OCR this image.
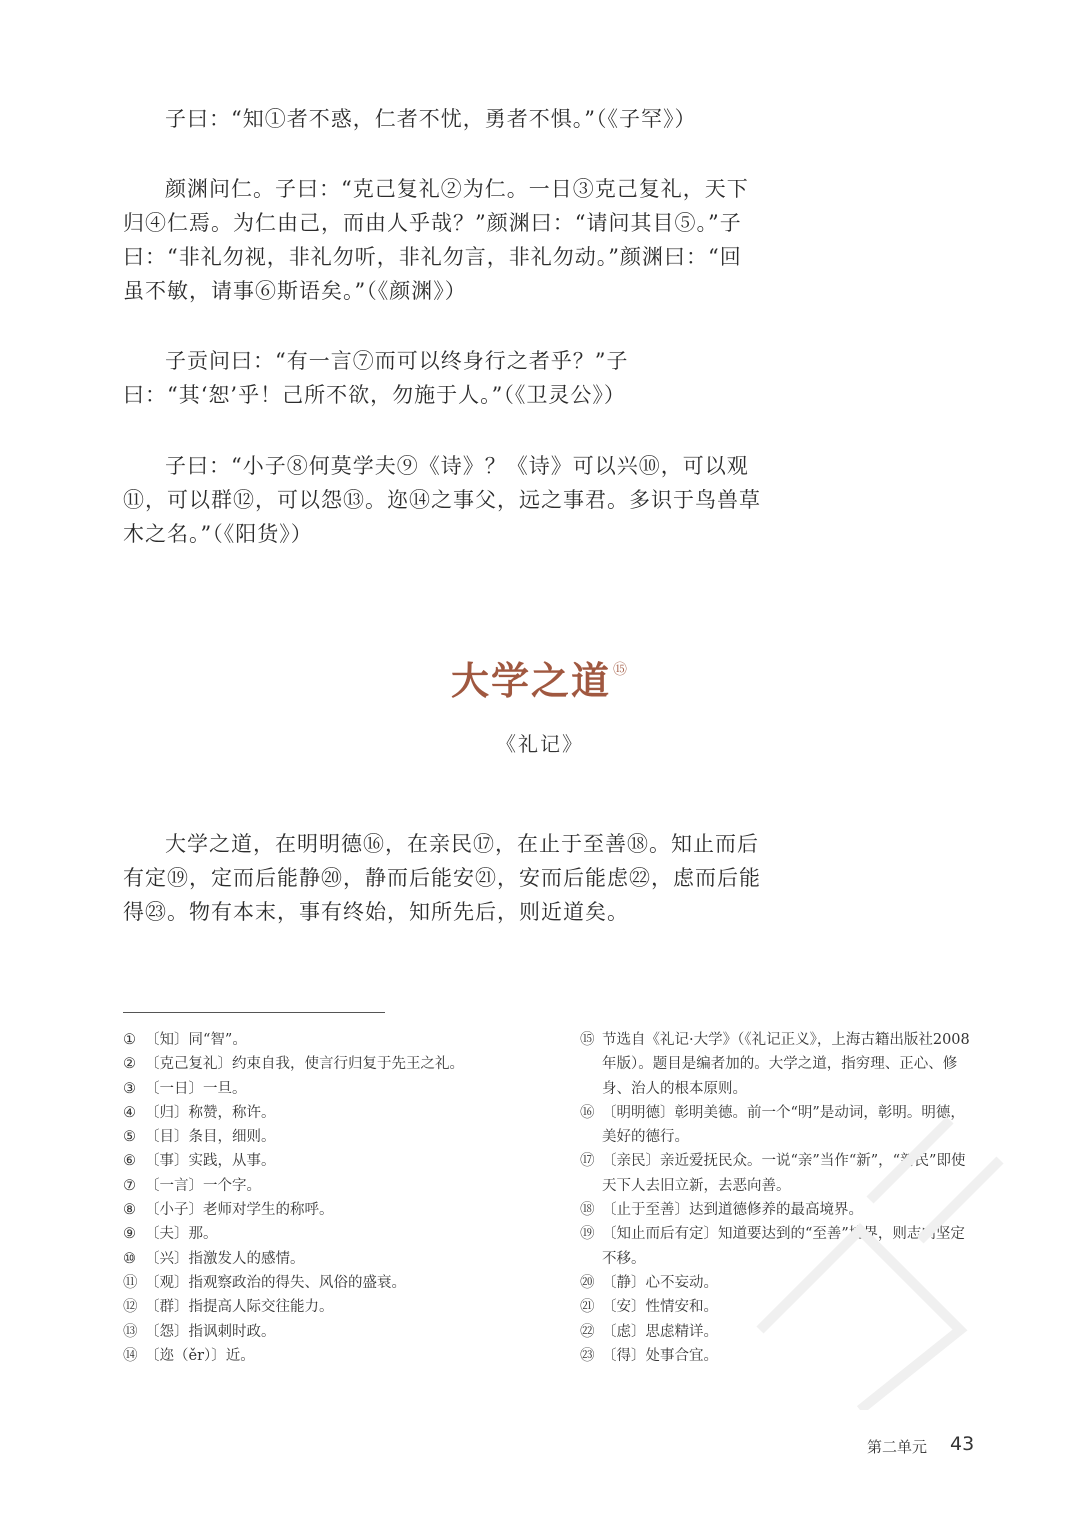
子曰：“知①者不惑，仁者不忧，勇者不惧。”（《子罕》）

颜渊问仁。子曰：“克己复礼②为仁。一日③克己复礼，天下归④仁焉。为仁由己，而由人乎哉？”颜渊曰：“请问其目⑤。”子曰：“非礼勿视，非礼勿听，非礼勿言，非礼勿动。”颜渊曰：“回虽不敏，请事⑥斯语矣。”（《颜渊》）

子贡问曰：“有一言⑦而可以终身行之者乎？”子曰：“其‘恕’乎！己所不欲，勿施于人。”（《卫灵公》）

子曰：“小子⑧何莫学夫⑨《诗》？《诗》可以兴⑩，可以观⑪，可以群⑫，可以怨⑬。迩⑭之事父，远之事君。多识于鸟兽草木之名。”（《阳货》）

大学之道 ⑮
《礼记》

大学之道，在明明德⑯，在亲民⑰，在止于至善⑱。知止而后有定⑲，定而后能静⑳，静而后能安㉑，安而后能虑㉒，虑而后能得㉓。物有本末，事有终始，知所先后，则近道矣。

① 〔知〕同“智”。
② 〔克己复礼〕约束自我，使言行归复于先王之礼。
③ 〔一日〕一旦。
④ 〔归〕称赞，称许。
⑤ 〔目〕条目，细则。
⑥ 〔事〕实践，从事。
⑦ 〔一言〕一个字。
⑧ 〔小子〕老师对学生的称呼。
⑨ 〔夫〕那。
⑩ 〔兴〕指激发人的感情。
⑪ 〔观〕指观察政治的得失、风俗的盛衰。
⑫ 〔群〕指提高人际交往能力。
⑬ 〔怨〕指讽刺时政。
⑭ 〔迩（ěr）〕近。
⑮ 节选自《礼记·大学》（《礼记正义》，上海古籍出版社2008年版）。题目是编者加的。大学之道，指穷理、正心、修身、治人的根本原则。
⑯ 〔明明德〕彰明美德。前一个“明”是动词，彰明。明德，美好的德行。
⑰ 〔亲民〕亲近爱抚民众。一说“亲”当作“新”，“新民”即使天下人去旧立新，去恶向善。
⑱ 〔止于至善〕达到道德修养的最高境界。
⑲ 〔知止而后有定〕知道要达到的“至善”境界，则志向坚定不移。
⑳ 〔静〕心不妄动。
㉑ 〔安〕性情安和。
㉒ 〔虑〕思虑精详。
㉓ 〔得〕处事合宜。
第二单元 43
